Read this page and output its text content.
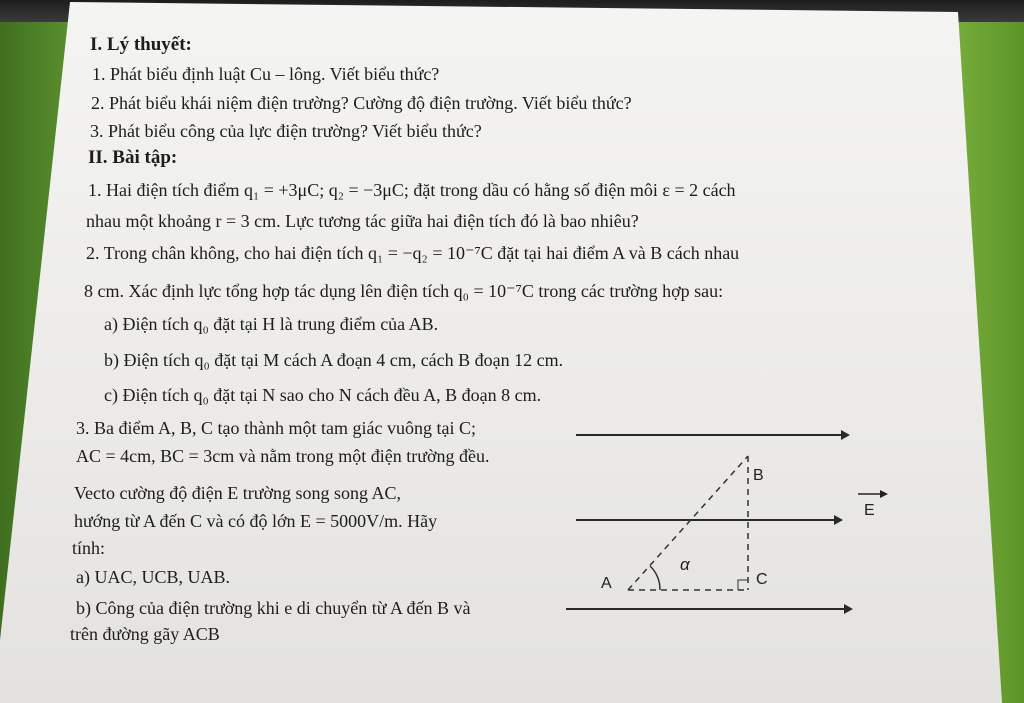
I. Lý thuyết:
1. Phát biểu định luật Cu – lông. Viết biểu thức?
2. Phát biểu khái niệm điện trường? Cường độ điện trường. Viết biểu thức?
3. Phát biểu công của lực điện trường? Viết biểu thức?
II. Bài tập:
1. Hai điện tích điểm q₁ = +3μC; q₂ = −3μC; đặt trong dầu có hằng số điện môi ε = 2 cách
nhau một khoảng r = 3 cm. Lực tương tác giữa hai điện tích đó là bao nhiêu?
2. Trong chân không, cho hai điện tích q₁ = −q₂ = 10⁻⁷C đặt tại hai điểm A và B cách nhau
8 cm. Xác định lực tổng hợp tác dụng lên điện tích q₀ = 10⁻⁷C trong các trường hợp sau:
a) Điện tích q₀ đặt tại H là trung điểm của AB.
b) Điện tích q₀ đặt tại M cách A đoạn 4 cm, cách B đoạn 12 cm.
c) Điện tích q₀ đặt tại N sao cho N cách đều A, B đoạn 8 cm.
3. Ba điểm A, B, C tạo thành một tam giác vuông tại C;
AC = 4cm, BC = 3cm và nằm trong một điện trường đều.
Vecto cường độ điện E trường song song AC,
hướng từ A đến C và có độ lớn E = 5000V/m. Hãy
tính:
a) UAC, UCB, UAB.
b) Công của điện trường khi e di chuyển từ A đến B và
trên đường gãy ACB
A
B
C
α
E
